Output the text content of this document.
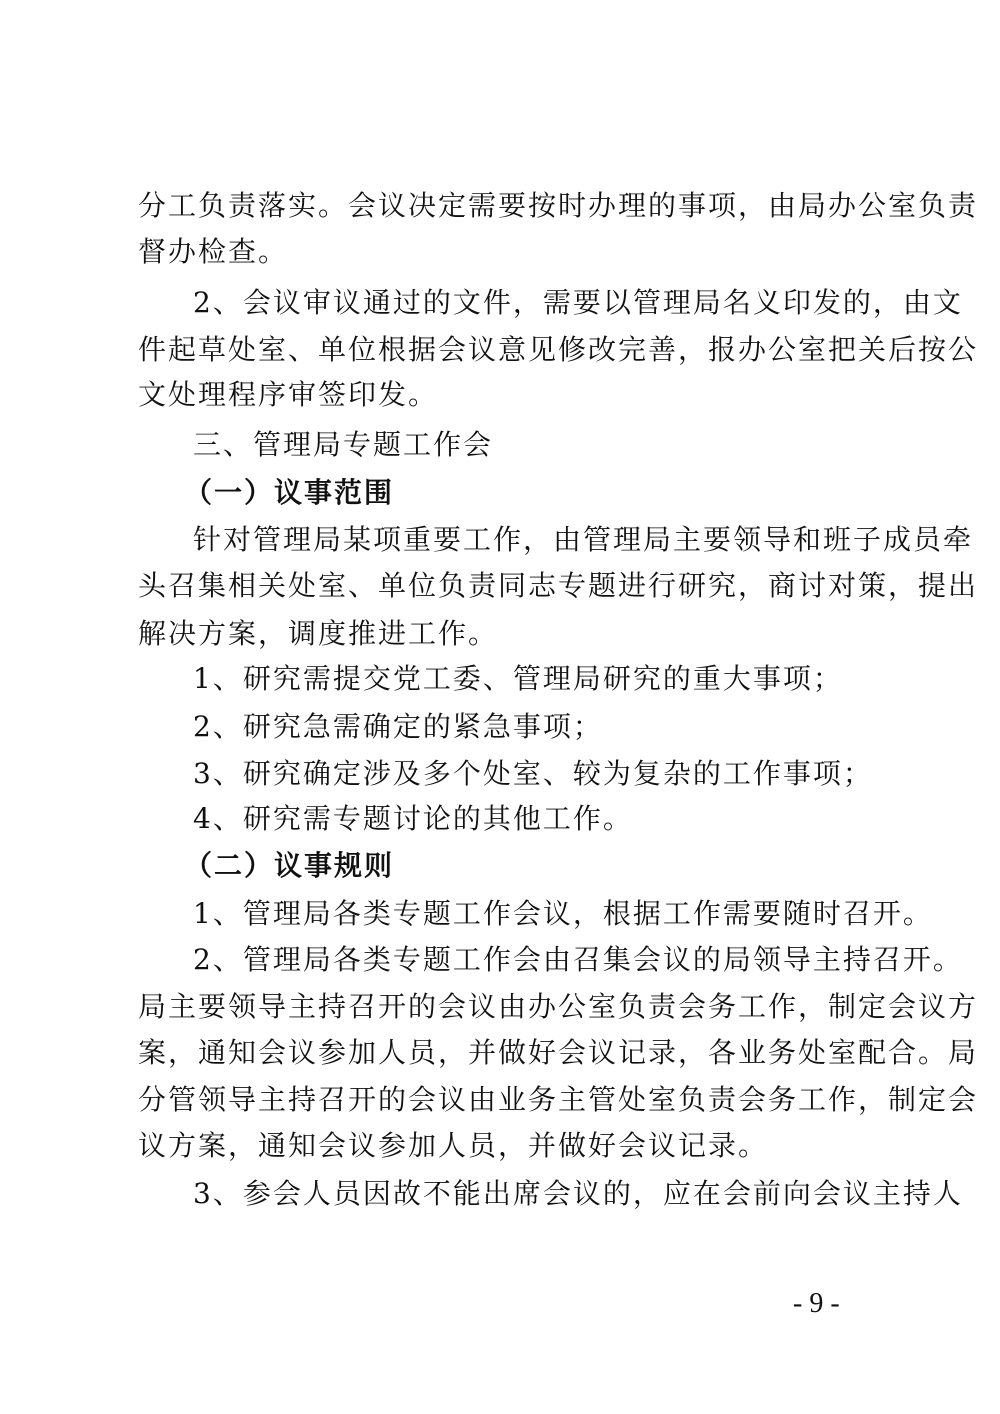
分工负责落实。会议决定需要按时办理的事项，由局办公室负责
督办检查。
2、会议审议通过的文件，需要以管理局名义印发的，由文
件起草处室、单位根据会议意见修改完善，报办公室把关后按公
文处理程序审签印发。
三、管理局专题工作会
（一）议事范围
针对管理局某项重要工作，由管理局主要领导和班子成员牵
头召集相关处室、单位负责同志专题进行研究，商讨对策，提出
解决方案，调度推进工作。
1、研究需提交党工委、管理局研究的重大事项；
2、研究急需确定的紧急事项；
3、研究确定涉及多个处室、较为复杂的工作事项；
4、研究需专题讨论的其他工作。
（二）议事规则
1、管理局各类专题工作会议，根据工作需要随时召开。
2、管理局各类专题工作会由召集会议的局领导主持召开。
局主要领导主持召开的会议由办公室负责会务工作，制定会议方
案，通知会议参加人员，并做好会议记录，各业务处室配合。局
分管领导主持召开的会议由业务主管处室负责会务工作，制定会
议方案，通知会议参加人员，并做好会议记录。
3、参会人员因故不能出席会议的，应在会前向会议主持人
- 9 -
